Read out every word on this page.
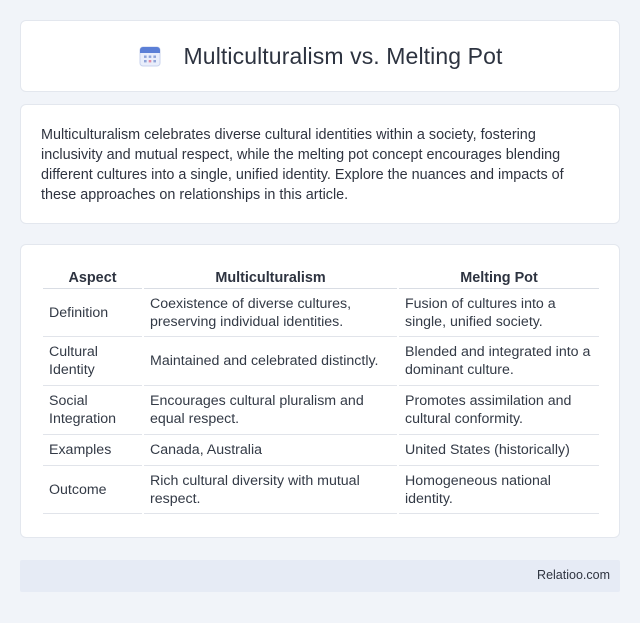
Multiculturalism vs. Melting Pot

Multiculturalism celebrates diverse cultural identities within a society, fostering inclusivity and mutual respect, while the melting pot concept encourages blending different cultures into a single, unified identity. Explore the nuances and impacts of these approaches on relationships in this article.

Aspect	Multiculturalism	Melting Pot
Definition	Coexistence of diverse cultures, preserving individual identities.	Fusion of cultures into a single, unified society.
Cultural Identity	Maintained and celebrated distinctly.	Blended and integrated into a dominant culture.
Social Integration	Encourages cultural pluralism and equal respect.	Promotes assimilation and cultural conformity.
Examples	Canada, Australia	United States (historically)
Outcome	Rich cultural diversity with mutual respect.	Homogeneous national identity.
Relatioo.com
